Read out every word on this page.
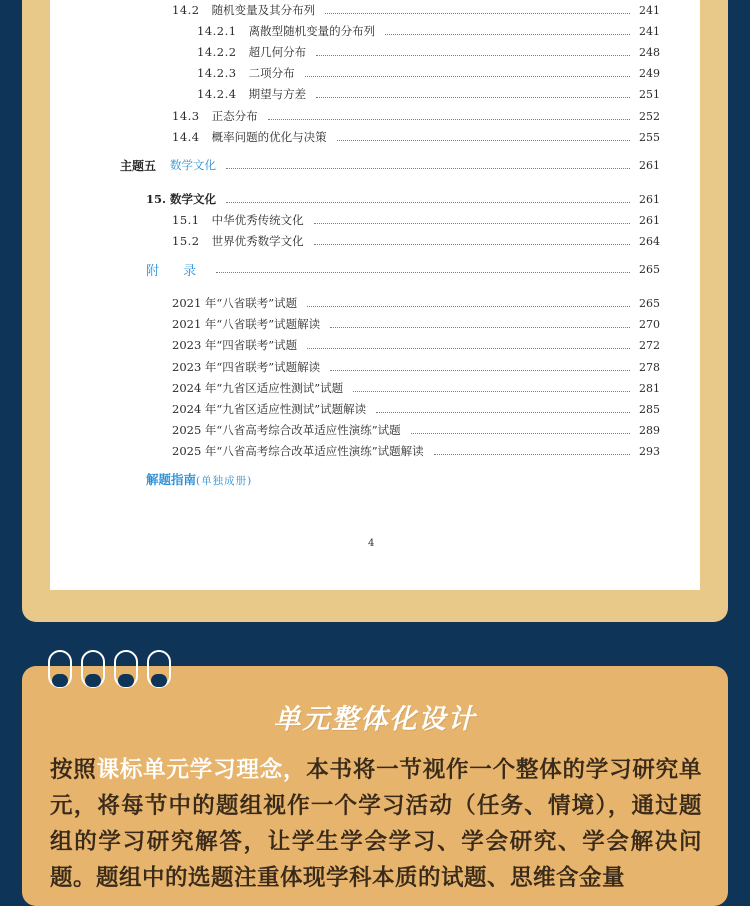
14.2 随机变量及其分布列	241
14.2.1 离散型随机变量的分布列	241
14.2.2 超几何分布	248
14.2.3 二项分布	249
14.2.4 期望与方差	251
14.3 正态分布	252
14.4 概率问题的优化与决策	255
主题五 数学文化	261
15. 数学文化	261
15.1 中华优秀传统文化	261
15.2 世界优秀数学文化	264
附 录	265
2021 年“八省联考”试题	265
2021 年“八省联考”试题解读	270
2023 年“四省联考”试题	272
2023 年“四省联考”试题解读	278
2024 年“九省区适应性测试”试题	281
2024 年“九省区适应性测试”试题解读	285
2025 年“八省高考综合改革适应性演练”试题	289
2025 年“八省高考综合改革适应性演练”试题解读	293
解题指南(单独成册)
4
单元整体化设计
按照课标单元学习理念，本书将一节视作一个整体的学习研究单元，将每节中的题组视作一个学习活动（任务、情境），通过题组的学习研究解答，让学生学会学习、学会研究、学会解决问题。题组中的选题注重体现学科本质的试题、思维含金量
